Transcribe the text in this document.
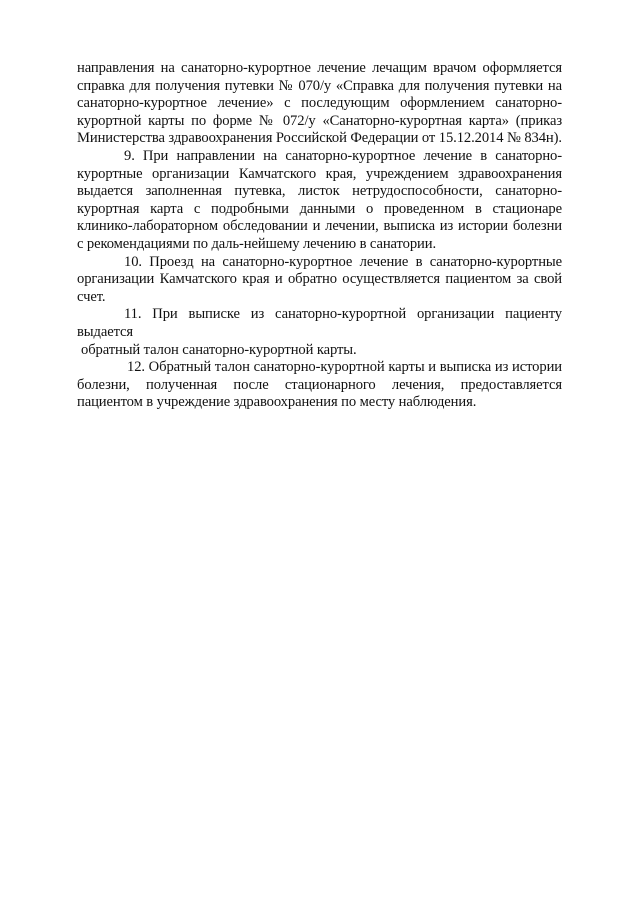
направления на санаторно-курортное лечение лечащим врачом оформляется справка для получения путевки № 070/у «Справка для получения путевки на санаторно-курортное лечение» с последующим оформлением санаторно-курортной карты по форме № 072/у «Санаторно-курортная карта» (приказ Министерства здравоохранения Российской Федерации от 15.12.2014 № 834н).

9. При направлении на санаторно-курортное лечение в санаторно-курортные организации Камчатского края, учреждением здравоохранения выдается заполненная путевка, листок нетрудоспособности, санаторно-курортная карта с подробными данными о проведенном в стационаре клинико-лабораторном обследовании и лечении, выписка из истории болезни с рекомендациями по даль-нейшему лечению в санатории.

10. Проезд на санаторно-курортное лечение в санаторно-курортные организации Камчатского края и обратно осуществляется пациентом за свой счет.

11. При выписке из санаторно-курортной организации пациенту выдается
обратный талон санаторно-курортной карты.

12. Обратный талон санаторно-курортной карты и выписка из истории болезни, полученная после стационарного лечения, предоставляется пациентом в учреждение здравоохранения по месту наблюдения.
